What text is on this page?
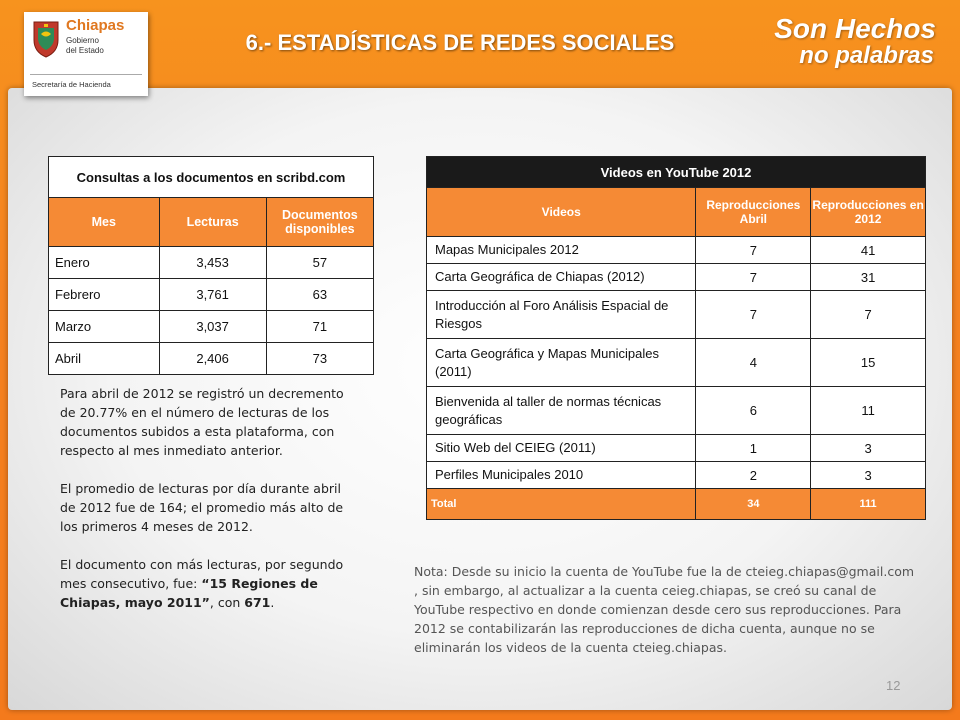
Chiapas
Gobierno
del Estado
Secretaría de Hacienda
6.- ESTADÍSTICAS DE REDES SOCIALES	Son Hechos
no palabras
Consultas a los documentos en scribd.com		
Mes	Lecturas	Documentos disponibles
Enero	3,453	57
Febrero	3,761	63
Marzo	3,037	71
Abril	2,406	73
Videos en YouTube 2012		
Videos	Reproducciones Abril	Reproducciones en 2012
Mapas Municipales 2012	7	41
Carta Geográfica de Chiapas (2012)	7	31
Introducción al Foro Análisis Espacial de Riesgos	7	7
Carta Geográfica y Mapas Municipales (2011)	4	15
Bienvenida al taller de normas técnicas geográficas	6	11
Sitio Web del CEIEG (2011)	1	3
Perfiles Municipales 2010	2	3
Total	34	111

Para abril de 2012 se registró un decremento de 20.77% en el número de lecturas de los documentos subidos a esta plataforma, con respecto al mes inmediato anterior.

El promedio de lecturas por día durante abril de 2012 fue de 164; el promedio más alto de los primeros 4 meses de 2012.

El documento con más lecturas, por segundo mes consecutivo, fue: “15 Regiones de Chiapas, mayo 2011”, con 671.

Nota: Desde su inicio la cuenta de YouTube fue la de cteieg.chiapas@gmail.com , sin embargo, al actualizar a la cuenta ceieg.chiapas, se creó su canal de YouTube respectivo en donde comienzan desde cero sus reproducciones. Para 2012 se contabilizarán las reproducciones de dicha cuenta, aunque no se eliminarán los videos de la cuenta cteieg.chiapas.
12
